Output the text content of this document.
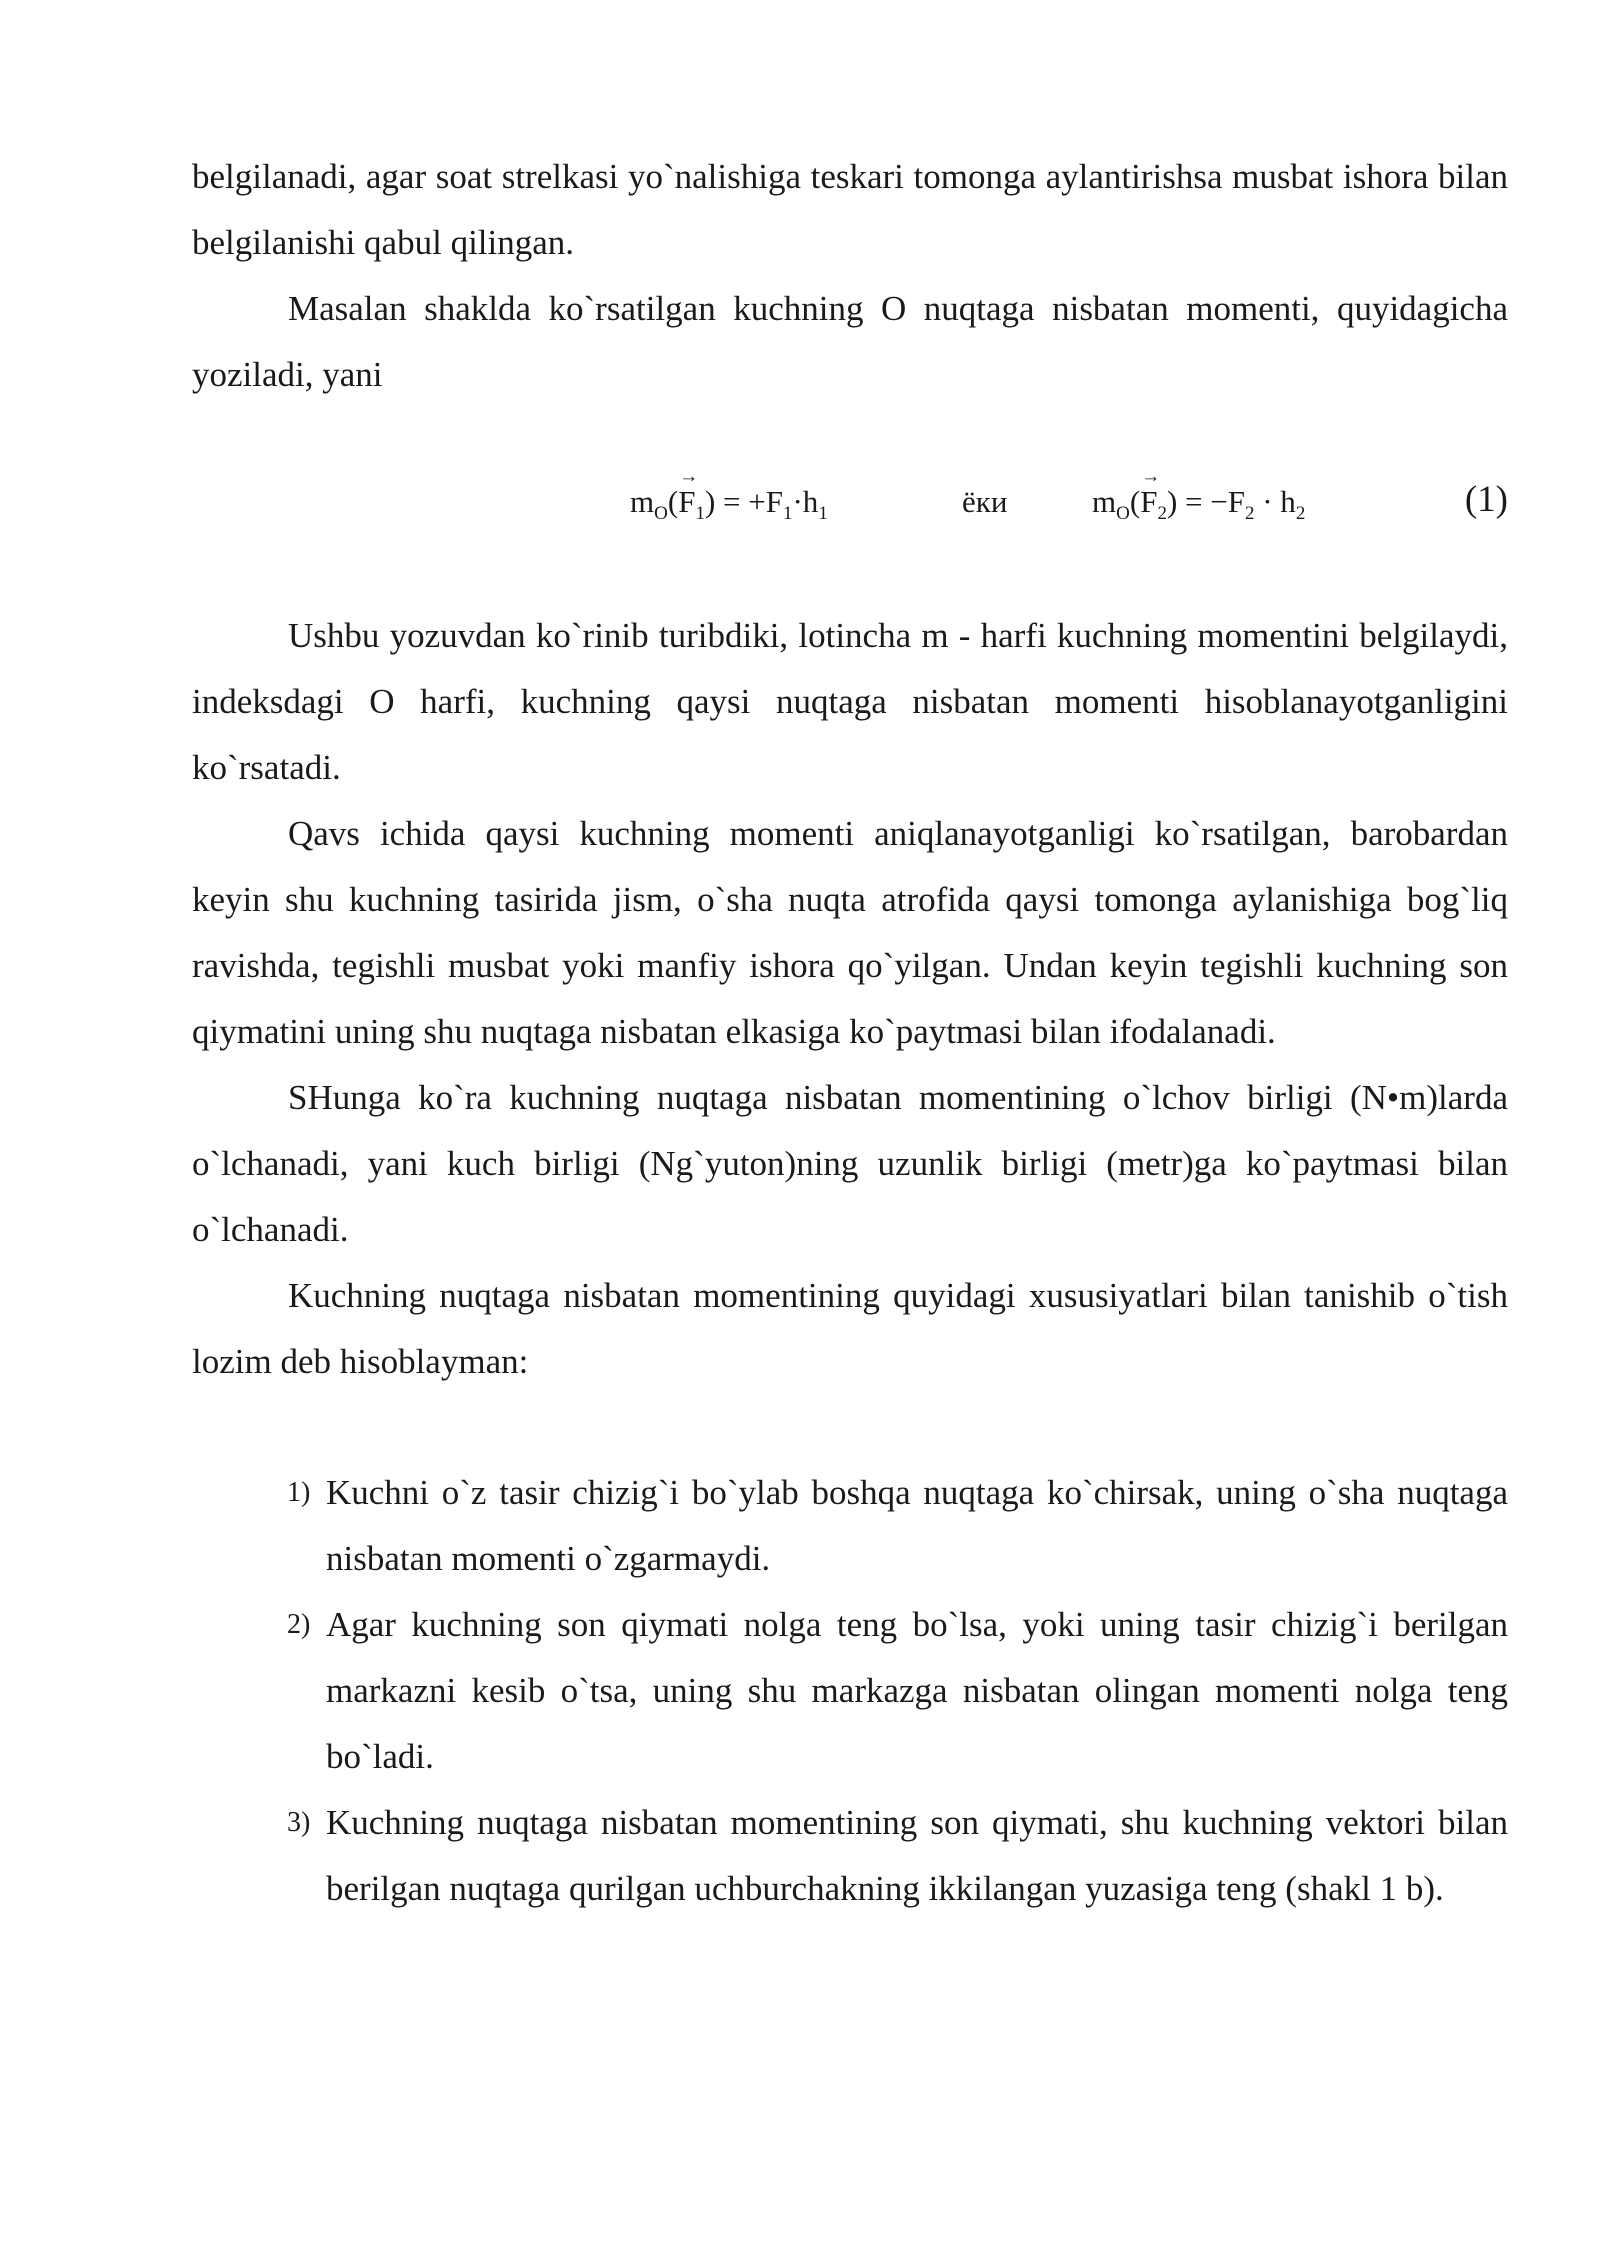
belgilanadi, agar soat strelkasi yo`nalishiga teskari tomonga aylantirishsa musbat ishora bilan belgilanishi qabul qilingan.

Masalan shaklda ko`rsatilgan kuchning O nuqtaga nisbatan momenti, quyidagicha yoziladi, yani

$m_O(\to F_1) = +F_1\cdot h_1$	ёки	$m_O(\to F_2) = -F_2 \cdot h_2$	(1)

Ushbu yozuvdan ko`rinib turibdiki, lotincha m - harfi kuchning momentini belgilaydi, indeksdagi O harfi, kuchning qaysi nuqtaga nisbatan momenti hisoblanayotganligini ko`rsatadi.

Qavs ichida qaysi kuchning momenti aniqlanayotganligi ko`rsatilgan, barobardan keyin shu kuchning tasirida jism, o`sha nuqta atrofida qaysi tomonga aylanishiga bog`liq ravishda, tegishli musbat yoki manfiy ishora qo`yilgan. Undan keyin tegishli kuchning son qiymatini uning shu nuqtaga nisbatan elkasiga ko`paytmasi bilan ifodalanadi.

SHunga ko`ra kuchning nuqtaga nisbatan momentining o`lchov birligi (N•m)larda o`lchanadi, yani kuch birligi (Ng`yuton)ning uzunlik birligi (metr)ga ko`paytmasi bilan o`lchanadi.

Kuchning nuqtaga nisbatan momentining quyidagi xususiyatlari bilan tanishib o`tish lozim deb hisoblayman:

1) Kuchni o`z tasir chizig`i bo`ylab boshqa nuqtaga ko`chirsak, uning o`sha nuqtaga nisbatan momenti o`zgarmaydi.

2) Agar kuchning son qiymati nolga teng bo`lsa, yoki uning tasir chizig`i berilgan markazni kesib o`tsa, uning shu markazga nisbatan olingan momenti nolga teng bo`ladi.

3) Kuchning nuqtaga nisbatan momentining son qiymati, shu kuchning vektori bilan berilgan nuqtaga qurilgan uchburchakning ikkilangan yuzasiga teng (shakl 1 b).
